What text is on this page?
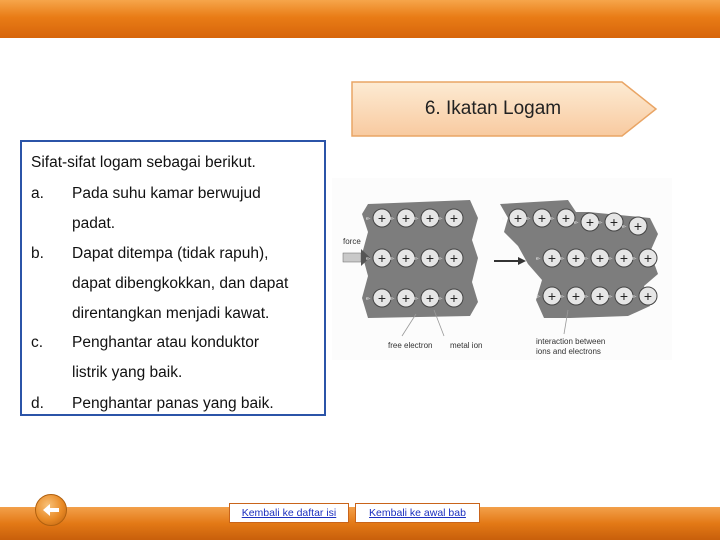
6. Ikatan Logam
Sifat-sifat logam sebagai berikut.
a. Pada suhu kamar berwujud
padat.
b. Dapat ditempa (tidak rapuh),
dapat dibengkokkan, dan dapat
direntangkan menjadi kawat.
c. Penghantar atau konduktor
listrik yang baik.
d. Penghantar panas yang baik.
force
free electron metal ion	interaction between
ions and electrons
+
e- +
e- +
e- +
e-
+
e- +
e- +
e- +
e-
+
e- +
e- +
e- +
e-
+
e- +
e- +
e- +
e- +
e- +
e-
+
e- +
e- +
e- +
e- +
e-
+
e- +
e- +
e- +
e- +
e-
Kembali ke daftar isi	Kembali ke awal bab
